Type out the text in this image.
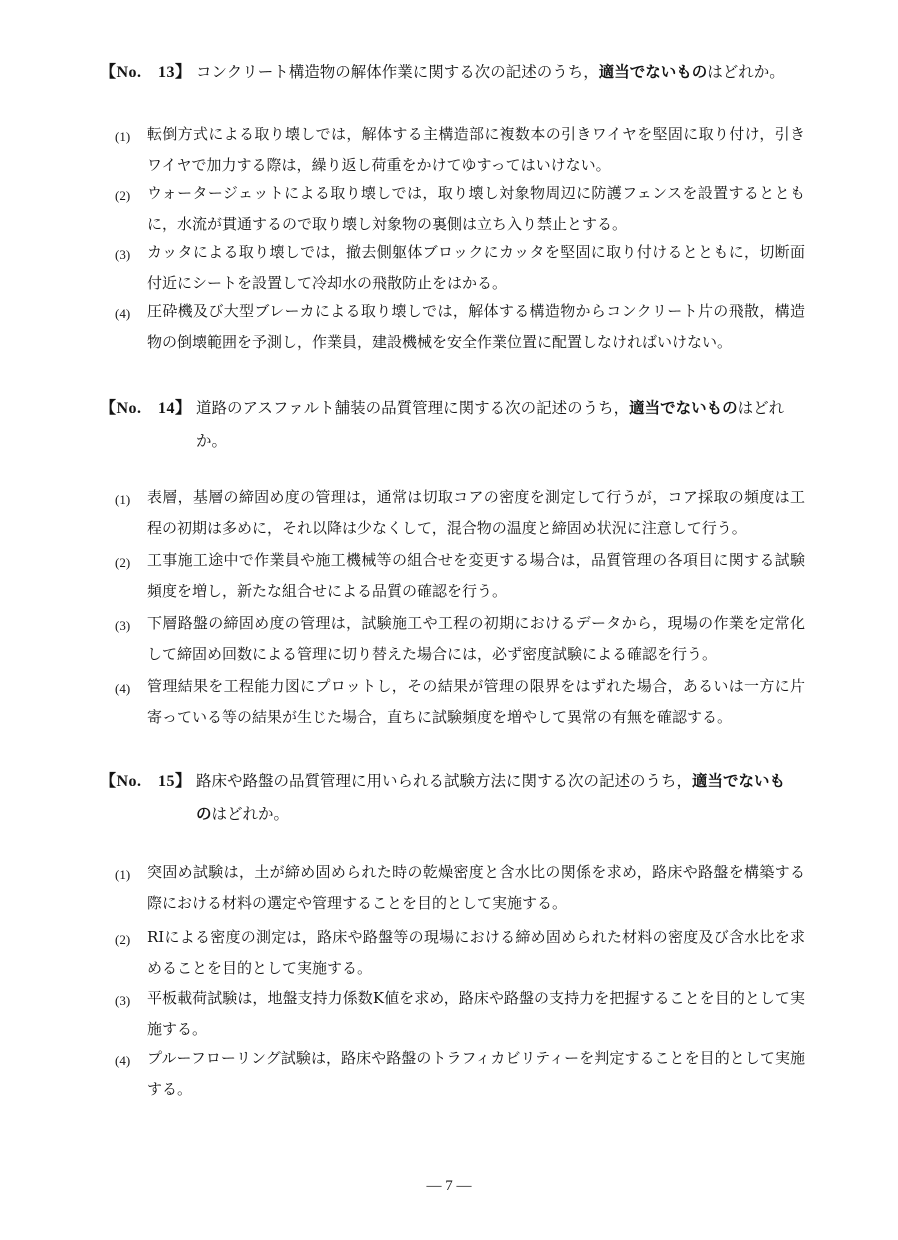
【No.　13】 コンクリート構造物の解体作業に関する次の記述のうち，適当でないものはどれか。
(1)	転倒方式による取り壊しでは，解体する主構造部に複数本の引きワイヤを堅固に取り付け，引きワイヤで加力する際は，繰り返し荷重をかけてゆすってはいけない。
(2)	ウォータージェットによる取り壊しでは，取り壊し対象物周辺に防護フェンスを設置するとともに，水流が貫通するので取り壊し対象物の裏側は立ち入り禁止とする。
(3)	カッタによる取り壊しでは，撤去側躯体ブロックにカッタを堅固に取り付けるとともに，切断面付近にシートを設置して冷却水の飛散防止をはかる。
(4)	圧砕機及び大型ブレーカによる取り壊しでは，解体する構造物からコンクリート片の飛散，構造物の倒壊範囲を予測し，作業員，建設機械を安全作業位置に配置しなければいけない。
【No.　14】 道路のアスファルト舗装の品質管理に関する次の記述のうち，適当でないものはどれか。
(1)	表層，基層の締固め度の管理は，通常は切取コアの密度を測定して行うが，コア採取の頻度は工程の初期は多めに，それ以降は少なくして，混合物の温度と締固め状況に注意して行う。
(2)	工事施工途中で作業員や施工機械等の組合せを変更する場合は，品質管理の各項目に関する試験頻度を増し，新たな組合せによる品質の確認を行う。
(3)	下層路盤の締固め度の管理は，試験施工や工程の初期におけるデータから，現場の作業を定常化して締固め回数による管理に切り替えた場合には，必ず密度試験による確認を行う。
(4)	管理結果を工程能力図にプロットし，その結果が管理の限界をはずれた場合，あるいは一方に片寄っている等の結果が生じた場合，直ちに試験頻度を増やして異常の有無を確認する。
【No.　15】 路床や路盤の品質管理に用いられる試験方法に関する次の記述のうち，適当でないものはどれか。
(1)	突固め試験は，土が締め固められた時の乾燥密度と含水比の関係を求め，路床や路盤を構築する際における材料の選定や管理することを目的として実施する。
(2)	RIによる密度の測定は，路床や路盤等の現場における締め固められた材料の密度及び含水比を求めることを目的として実施する。
(3)	平板載荷試験は，地盤支持力係数K値を求め，路床や路盤の支持力を把握することを目的として実施する。
(4)	プルーフローリング試験は，路床や路盤のトラフィカビリティーを判定することを目的として実施する。
— 7 —
